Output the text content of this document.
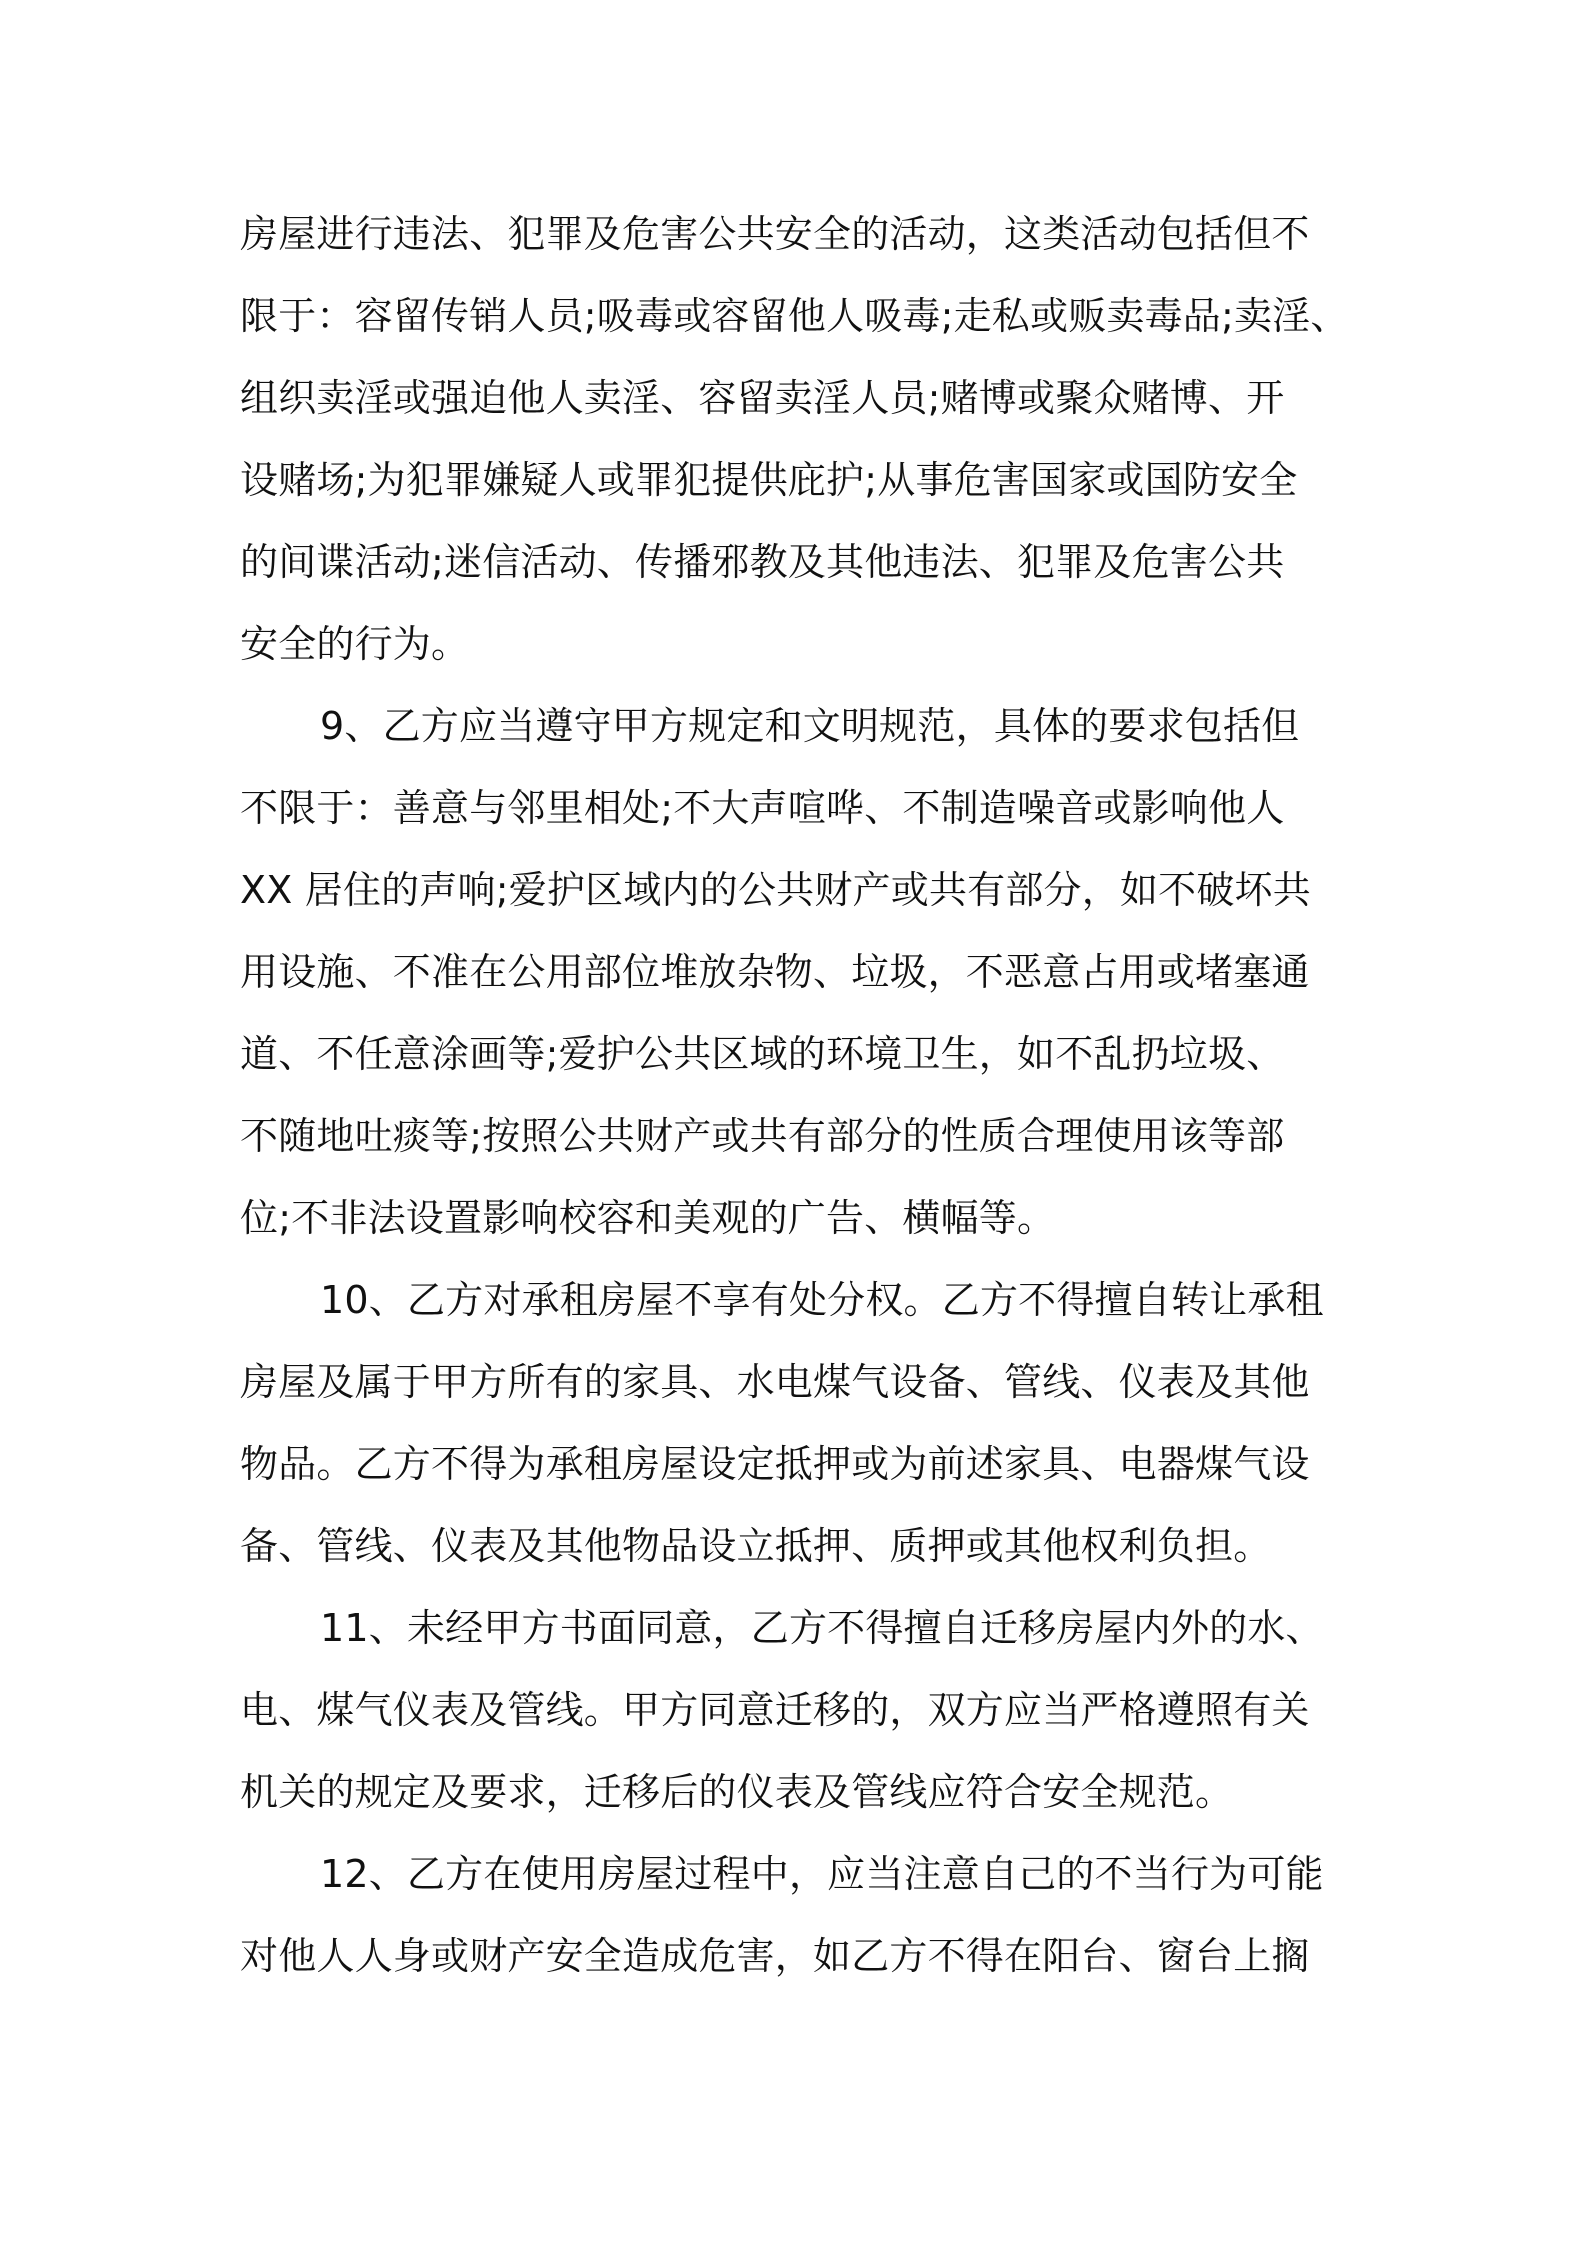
房屋进行违法、犯罪及危害公共安全的活动，这类活动包括但不
限于：容留传销人员;吸毒或容留他人吸毒;走私或贩卖毒品;卖淫、
组织卖淫或强迫他人卖淫、容留卖淫人员;赌博或聚众赌博、开
设赌场;为犯罪嫌疑人或罪犯提供庇护;从事危害国家或国防安全
的间谍活动;迷信活动、传播邪教及其他违法、犯罪及危害公共
安全的行为。
9、乙方应当遵守甲方规定和文明规范，具体的要求包括但
不限于：善意与邻里相处;不大声喧哗、不制造噪音或影响他人
XX 居住的声响;爱护区域内的公共财产或共有部分，如不破坏共
用设施、不准在公用部位堆放杂物、垃圾，不恶意占用或堵塞通
道、不任意涂画等;爱护公共区域的环境卫生，如不乱扔垃圾、
不随地吐痰等;按照公共财产或共有部分的性质合理使用该等部
位;不非法设置影响校容和美观的广告、横幅等。
10、乙方对承租房屋不享有处分权。乙方不得擅自转让承租
房屋及属于甲方所有的家具、水电煤气设备、管线、仪表及其他
物品。乙方不得为承租房屋设定抵押或为前述家具、电器煤气设
备、管线、仪表及其他物品设立抵押、质押或其他权利负担。
11、未经甲方书面同意，乙方不得擅自迁移房屋内外的水、
电、煤气仪表及管线。甲方同意迁移的，双方应当严格遵照有关
机关的规定及要求，迁移后的仪表及管线应符合安全规范。
12、乙方在使用房屋过程中，应当注意自己的不当行为可能
对他人人身或财产安全造成危害，如乙方不得在阳台、窗台上搁
